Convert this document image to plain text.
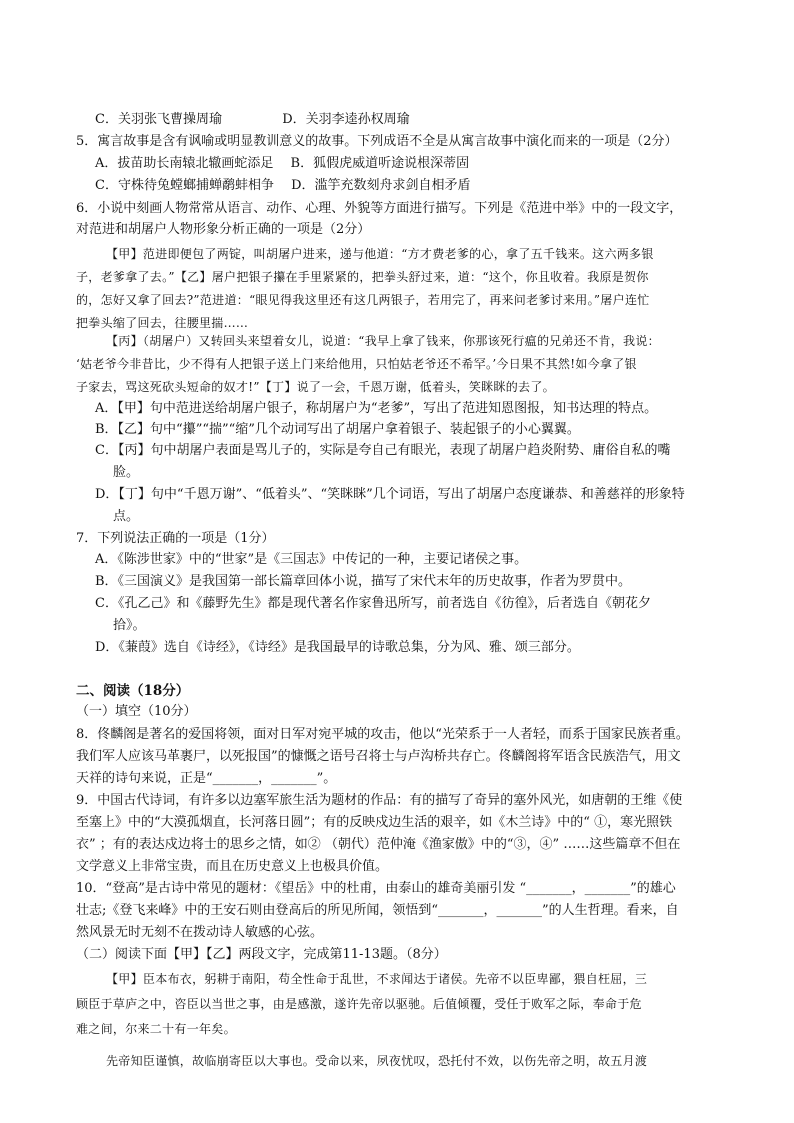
C．关羽张飞曹操周瑜	D．关羽李逵孙权周瑜
5．寓言故事是含有讽喻或明显教训意义的故事。下列成语不全是从寓言故事中演化而来的一项是（2分）
A．拔苗助长南辕北辙画蛇添足　 B．狐假虎威道听途说根深蒂固
C．守株待兔螳螂捕蝉鹬蚌相争　 D．滥竽充数刻舟求剑自相矛盾
6．小说中刻画人物常常从语言、动作、心理、外貌等方面进行描写。下列是《范进中举》中的一段文字，
对范进和胡屠户人物形象分析正确的一项是（2分）
【甲】范进即便包了两锭，叫胡屠户进来，递与他道：“方才费老爹的心，拿了五千钱来。这六两多银
子，老爹拿了去。”【乙】屠户把银子攥在手里紧紧的，把拳头舒过来，道：“这个，你且收着。我原是贺你
的，怎好又拿了回去?”范进道：“眼见得我这里还有这几两银子，若用完了，再来问老爹讨来用。”屠户连忙
把拳头缩了回去，往腰里揣……
【丙】（胡屠户）又转回头来望着女儿，说道：“我早上拿了钱来，你那该死行瘟的兄弟还不肯，我说：
‘姑老爷今非昔比，少不得有人把银子送上门来给他用，只怕姑老爷还不希罕。’今日果不其然!如今拿了银
子家去，骂这死砍头短命的奴才!”【丁】说了一会，千恩万谢，低着头，笑眯眯的去了。
A．【甲】句中范进送给胡屠户银子，称胡屠户为“老爹”，写出了范进知恩图报，知书达理的特点。
B．【乙】句中“攥”“揣”“缩”几个动词写出了胡屠户拿着银子、装起银子的小心翼翼。
C．【丙】句中胡屠户表面是骂儿子的，实际是夸自己有眼光，表现了胡屠户趋炎附势、庸俗自私的嘴
脸。
D．【丁】句中“千恩万谢”、“低着头”、“笑眯眯”几个词语，写出了胡屠户态度谦恭、和善慈祥的形象特
点。
7．下列说法正确的一项是（1分）
A．《陈涉世家》中的“世家”是《三国志》中传记的一种，主要记诸侯之事。
B．《三国演义》是我国第一部长篇章回体小说，描写了宋代末年的历史故事，作者为罗贯中。
C．《孔乙己》和《藤野先生》都是现代著名作家鲁迅所写，前者选自《彷徨》，后者选自《朝花夕
拾》。
D．《蒹葭》选自《诗经》，《诗经》是我国最早的诗歌总集，分为风、雅、颂三部分。
二、阅读（18分）
（一）填空（10分）
8．佟麟阁是著名的爱国将领，面对日军对宛平城的攻击，他以“光荣系于一人者轻，而系于国家民族者重。
我们军人应该马革裹尸，以死报国”的慷慨之语号召将士与卢沟桥共存亡。佟麟阁将军语含民族浩气，用文
天祥的诗句来说，正是“_______，_______”。
9．中国古代诗词，有许多以边塞军旅生活为题材的作品：有的描写了奇异的塞外风光，如唐朝的王维《使
至塞上》中的“大漠孤烟直，长河落日圆”；有的反映戍边生活的艰辛，如《木兰诗》中的“ ①，寒光照铁
衣” ；有的表达戍边将士的思乡之情，如② （朝代）范仲淹《渔家傲》中的“③，④” ……这些篇章不但在
文学意义上非常宝贵，而且在历史意义上也极具价值。
10．“登高”是古诗中常见的题材：《望岳》中的杜甫，由泰山的雄奇美丽引发 “_______，_______”的雄心
壮志;《登飞来峰》中的王安石则由登高后的所见所闻，领悟到“_______，_______”的人生哲理。看来，自
然风景无时无刻不在拨动诗人敏感的心弦。
（二）阅读下面【甲】【乙】两段文字，完成第11-13题。（8分）
【甲】臣本布衣，躬耕于南阳，苟全性命于乱世，不求闻达于诸侯。先帝不以臣卑鄙，猥自枉屈，三
顾臣于草庐之中，咨臣以当世之事，由是感激，遂许先帝以驱驰。后值倾覆，受任于败军之际，奉命于危
难之间，尔来二十有一年矣。
先帝知臣谨慎，故临崩寄臣以大事也。受命以来，夙夜忧叹，恐托付不效，以伤先帝之明，故五月渡
